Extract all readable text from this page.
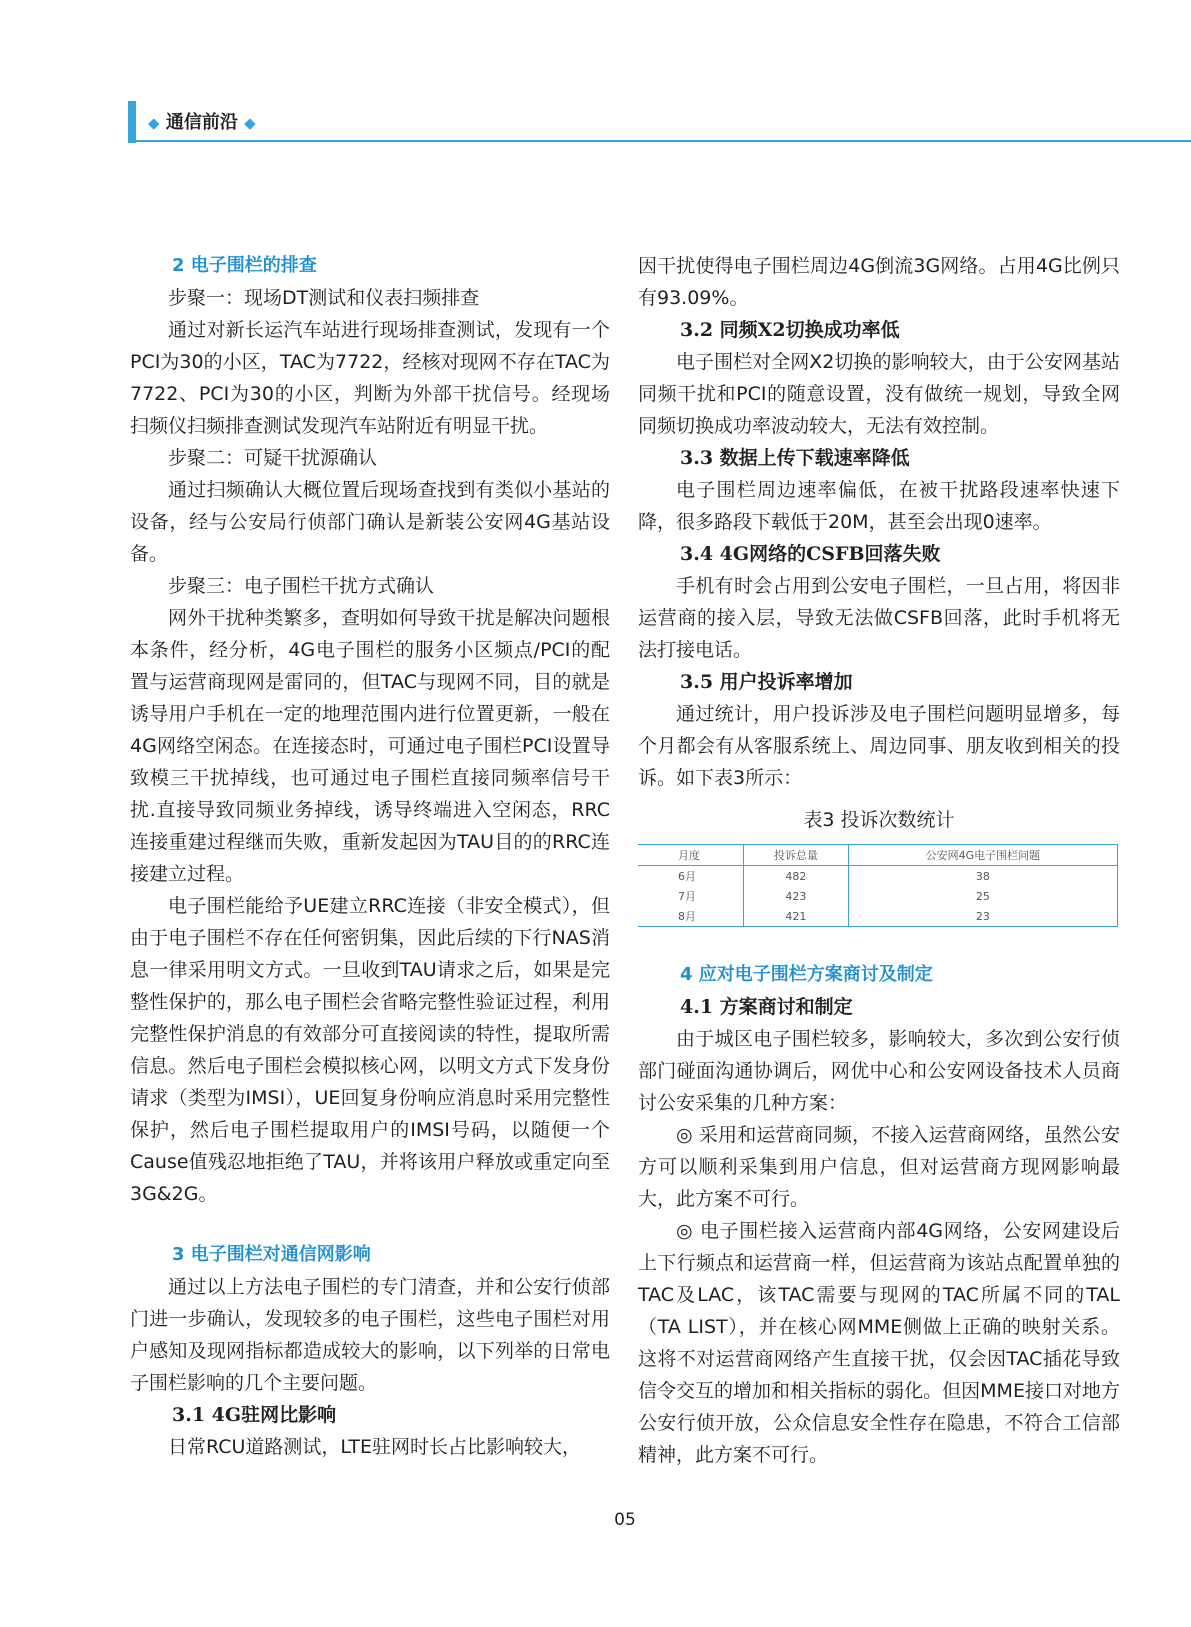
◆ 通信前沿 ◆
2 电子围栏的排查
步聚一：现场DT测试和仪表扫频排查
通过对新长运汽车站进行现场排查测试，发现有一个PCI为30的小区，TAC为7722，经核对现网不存在TAC为7722、PCI为30的小区，判断为外部干扰信号。经现场扫频仪扫频排查测试发现汽车站附近有明显干扰。
步聚二：可疑干扰源确认
通过扫频确认大概位置后现场查找到有类似小基站的设备，经与公安局行侦部门确认是新装公安网4G基站设备。
步聚三：电子围栏干扰方式确认
网外干扰种类繁多，查明如何导致干扰是解决问题根本条件，经分析，4G电子围栏的服务小区频点/PCI的配置与运营商现网是雷同的，但TAC与现网不同，目的就是诱导用户手机在一定的地理范围内进行位置更新，一般在4G网络空闲态。在连接态时，可通过电子围栏PCI设置导致模三干扰掉线，也可通过电子围栏直接同频率信号干扰.直接导致同频业务掉线，诱导终端进入空闲态，RRC连接重建过程继而失败，重新发起因为TAU目的的RRC连接建立过程。
电子围栏能给予UE建立RRC连接（非安全模式），但由于电子围栏不存在任何密钥集，因此后续的下行NAS消息一律采用明文方式。一旦收到TAU请求之后，如果是完整性保护的，那么电子围栏会省略完整性验证过程，利用完整性保护消息的有效部分可直接阅读的特性，提取所需信息。然后电子围栏会模拟核心网，以明文方式下发身份请求（类型为IMSI），UE回复身份响应消息时采用完整性保护，然后电子围栏提取用户的IMSI号码，以随便一个Cause值残忍地拒绝了TAU，并将该用户释放或重定向至3G&2G。
3 电子围栏对通信网影响
通过以上方法电子围栏的专门清查，并和公安行侦部门进一步确认，发现较多的电子围栏，这些电子围栏对用户感知及现网指标都造成较大的影响，以下列举的日常电子围栏影响的几个主要问题。
3.1 4G驻网比影响
日常RCU道路测试，LTE驻网时长占比影响较大，
因干扰使得电子围栏周边4G倒流3G网络。占用4G比例只有93.09%。
3.2 同频X2切换成功率低
电子围栏对全网X2切换的影响较大，由于公安网基站同频干扰和PCI的随意设置，没有做统一规划，导致全网同频切换成功率波动较大，无法有效控制。
3.3 数据上传下载速率降低
电子围栏周边速率偏低，在被干扰路段速率快速下降，很多路段下载低于20M，甚至会出现0速率。
3.4 4G网络的CSFB回落失败
手机有时会占用到公安电子围栏，一旦占用，将因非运营商的接入层，导致无法做CSFB回落，此时手机将无法打接电话。
3.5 用户投诉率增加
通过统计，用户投诉涉及电子围栏问题明显增多，每个月都会有从客服系统上、周边同事、朋友收到相关的投诉。如下表3所示：
表3 投诉次数统计
月度	投诉总量	公安网4G电子围栏问题
6月	482	38
7月	423	25
8月	421	23
4 应对电子围栏方案商讨及制定
4.1 方案商讨和制定
由于城区电子围栏较多，影响较大，多次到公安行侦部门碰面沟通协调后，网优中心和公安网设备技术人员商讨公安采集的几种方案：
◎ 采用和运营商同频，不接入运营商网络，虽然公安方可以顺利采集到用户信息，但对运营商方现网影响最大，此方案不可行。
◎ 电子围栏接入运营商内部4G网络，公安网建设后上下行频点和运营商一样，但运营商为该站点配置单独的TAC及LAC，该TAC需要与现网的TAC所属不同的TAL（TA LIST），并在核心网MME侧做上正确的映射关系。这将不对运营商网络产生直接干扰，仅会因TAC插花导致信令交互的增加和相关指标的弱化。但因MME接口对地方公安行侦开放，公众信息安全性存在隐患，不符合工信部精神，此方案不可行。
05
